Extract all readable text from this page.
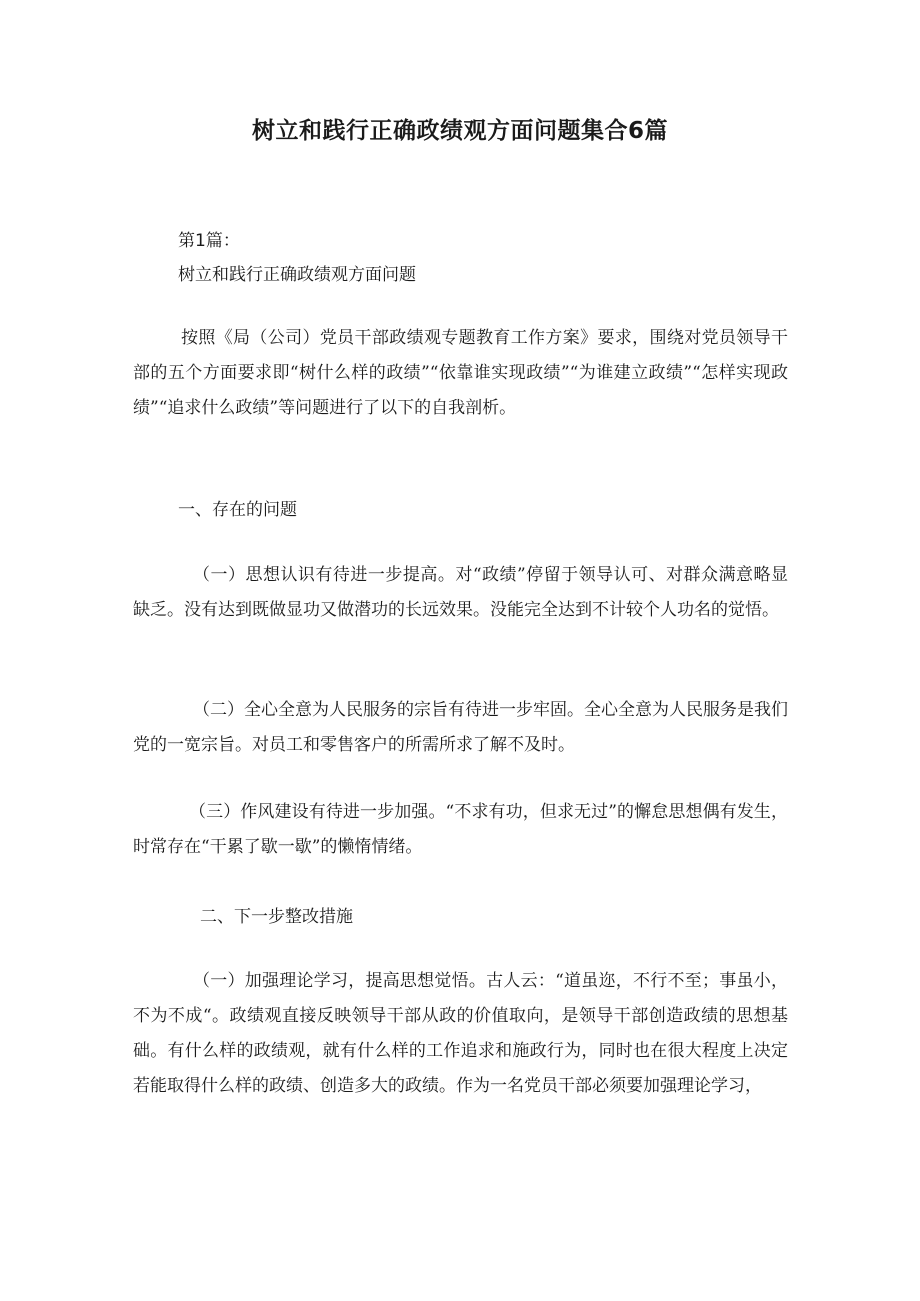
树立和践行正确政绩观方面问题集合6篇
第1篇：
树立和践行正确政绩观方面问题
按照《局（公司）党员干部政绩观专题教育工作方案》要求，围绕对党员领导干部的五个方面要求即“树什么样的政绩”“依靠谁实现政绩”“为谁建立政绩”“怎样实现政绩”“追求什么政绩”等问题进行了以下的自我剖析。
一、存在的问题
（一）思想认识有待进一步提高。对“政绩”停留于领导认可、对群众满意略显缺乏。没有达到既做显功又做潜功的长远效果。没能完全达到不计较个人功名的觉悟。
（二）全心全意为人民服务的宗旨有待进一步牢固。全心全意为人民服务是我们党的一宽宗旨。对员工和零售客户的所需所求了解不及时。
（三）作风建设有待进一步加强。“不求有功，但求无过”的懈怠思想偶有发生，时常存在“干累了歇一歇”的懒惰情绪。
二、下一步整改措施
（一）加强理论学习，提高思想觉悟。古人云：“道虽迩，不行不至；事虽小，不为不成“。政绩观直接反映领导干部从政的价值取向，是领导干部创造政绩的思想基础。有什么样的政绩观，就有什么样的工作追求和施政行为，同时也在很大程度上决定若能取得什么样的政绩、创造多大的政绩。作为一名党员干部必须要加强理论学习，
